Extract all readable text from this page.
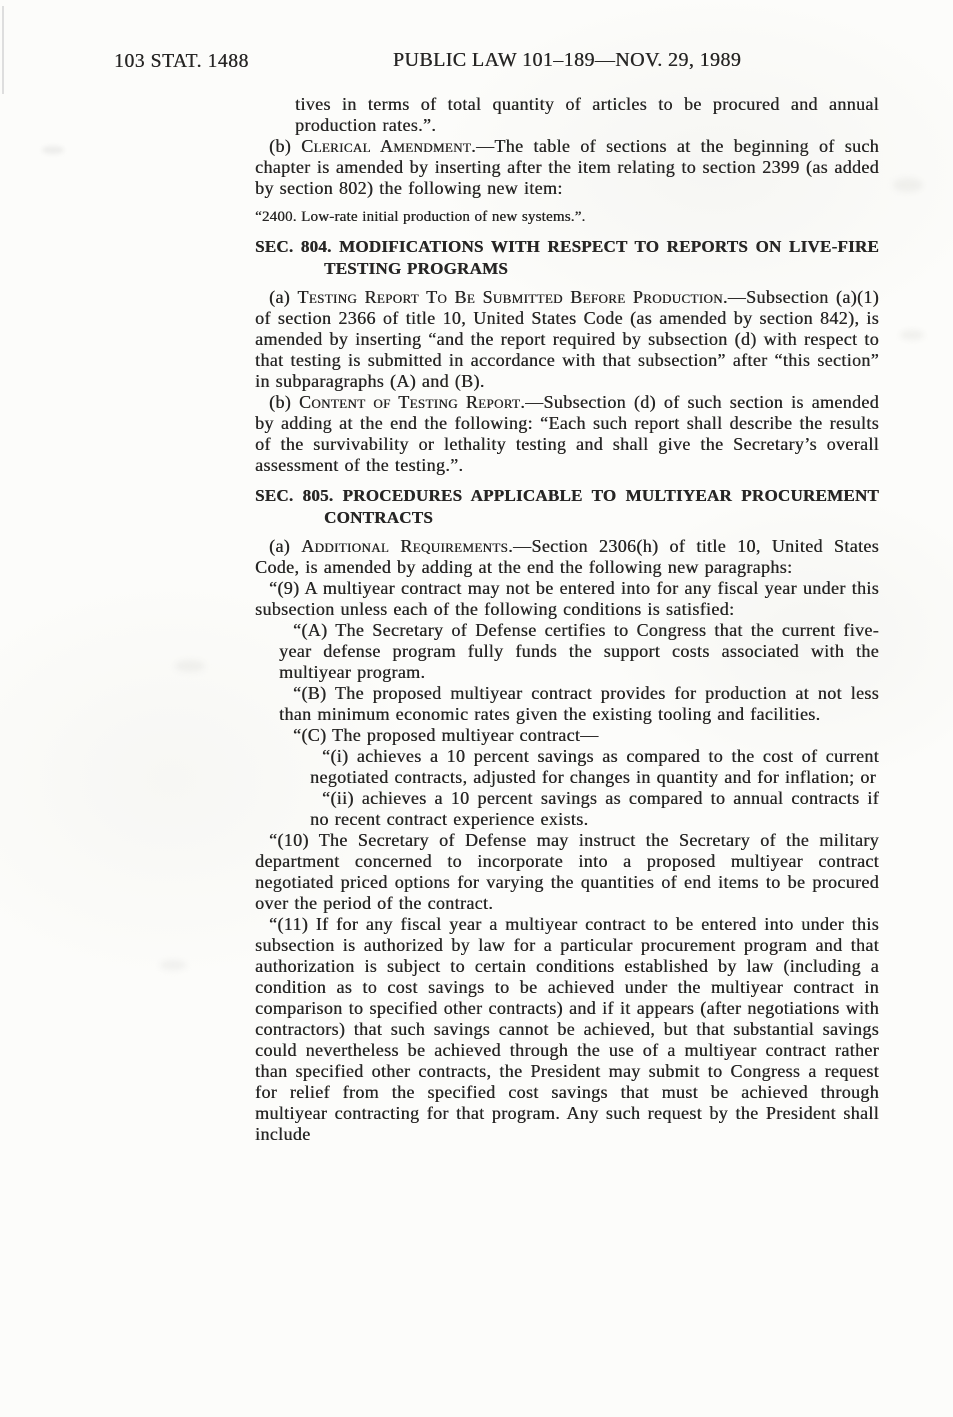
103 STAT. 1488	PUBLIC LAW 101–189—NOV. 29, 1989

tives in terms of total quantity of articles to be procured and annual production rates.”.

(b) Clerical Amendment.—The table of sections at the beginning of such chapter is amended by inserting after the item relating to section 2399 (as added by section 802) the following new item:

“2400. Low-rate initial production of new systems.”.

SEC. 804. MODIFICATIONS WITH RESPECT TO REPORTS ON LIVE-FIRE TESTING PROGRAMS

(a) Testing Report To Be Submitted Before Production.—Subsection (a)(1) of section 2366 of title 10, United States Code (as amended by section 842), is amended by inserting “and the report required by subsection (d) with respect to that testing is submitted in accordance with that subsection” after “this section” in subparagraphs (A) and (B).

(b) Content of Testing Report.—Subsection (d) of such section is amended by adding at the end the following: “Each such report shall describe the results of the survivability or lethality testing and shall give the Secretary’s overall assessment of the testing.”.

SEC. 805. PROCEDURES APPLICABLE TO MULTIYEAR PROCUREMENT CONTRACTS

(a) Additional Requirements.—Section 2306(h) of title 10, United States Code, is amended by adding at the end the following new paragraphs:

“(9) A multiyear contract may not be entered into for any fiscal year under this subsection unless each of the following conditions is satisfied:

“(A) The Secretary of Defense certifies to Congress that the current five-year defense program fully funds the support costs associated with the multiyear program.

“(B) The proposed multiyear contract provides for production at not less than minimum economic rates given the existing tooling and facilities.

“(C) The proposed multiyear contract—

“(i) achieves a 10 percent savings as compared to the cost of current negotiated contracts, adjusted for changes in quantity and for inflation; or

“(ii) achieves a 10 percent savings as compared to annual contracts if no recent contract experience exists.

“(10) The Secretary of Defense may instruct the Secretary of the military department concerned to incorporate into a proposed multiyear contract negotiated priced options for varying the quantities of end items to be procured over the period of the contract.

“(11) If for any fiscal year a multiyear contract to be entered into under this subsection is authorized by law for a particular procurement program and that authorization is subject to certain conditions established by law (including a condition as to cost savings to be achieved under the multiyear contract in comparison to specified other contracts) and if it appears (after negotiations with contractors) that such savings cannot be achieved, but that substantial savings could nevertheless be achieved through the use of a multiyear contract rather than specified other contracts, the President may submit to Congress a request for relief from the specified cost savings that must be achieved through multiyear contracting for that program. Any such request by the President shall include
